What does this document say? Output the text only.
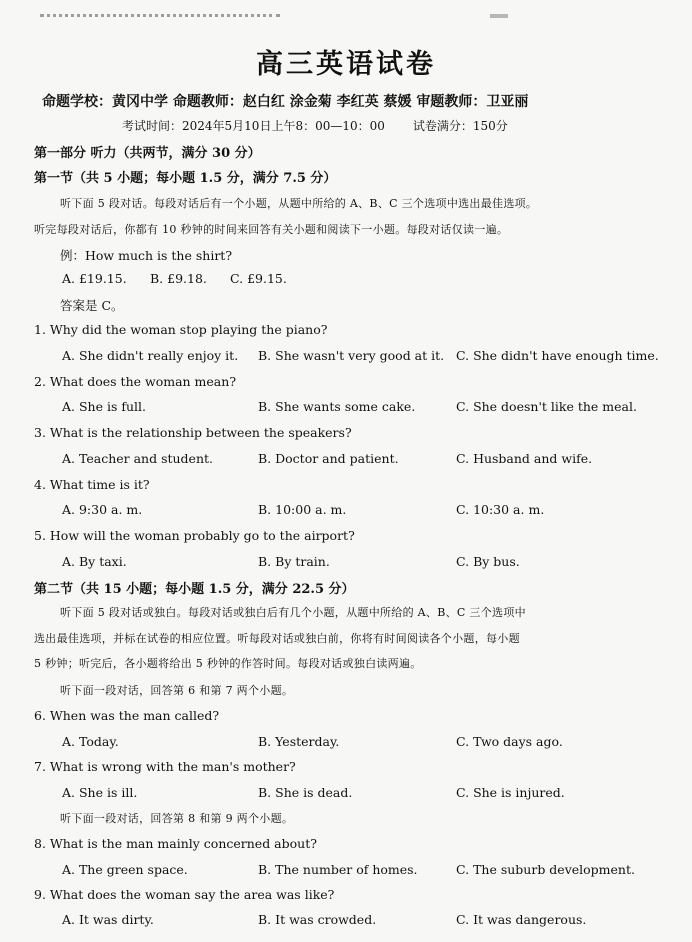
高三英语试卷
命题学校：黄冈中学 命题教师：赵白红 涂金菊 李红英 蔡媛 审题教师：卫亚丽
考试时间：2024年5月10日上午8：00—10：00 试卷满分：150分
第一部分 听力（共两节，满分 30 分）
第一节（共 5 小题；每小题 1.5 分，满分 7.5 分）
听下面 5 段对话。每段对话后有一个小题，从题中所给的 A、B、C 三个选项中选出最佳选项。
听完每段对话后，你都有 10 秒钟的时间来回答有关小题和阅读下一小题。每段对话仅读一遍。
例：How much is the shirt?
A. £19.15. B. £9.18. C. £9.15.
答案是 C。
1. Why did the woman stop playing the piano?
A. She didn't really enjoy it. B. She wasn't very good at it. C. She didn't have enough time.
2. What does the woman mean?
A. She is full.	B. She wants some cake.	C. She doesn't like the meal.
3. What is the relationship between the speakers?
A. Teacher and student.	B. Doctor and patient.	C. Husband and wife.
4. What time is it?
A. 9:30 a. m.	B. 10:00 a. m.	C. 10:30 a. m.
5. How will the woman probably go to the airport?
A. By taxi.	B. By train.	C. By bus.
第二节（共 15 小题；每小题 1.5 分，满分 22.5 分）
听下面 5 段对话或独白。每段对话或独白后有几个小题，从题中所给的 A、B、C 三个选项中
选出最佳选项，并标在试卷的相应位置。听每段对话或独白前，你将有时间阅读各个小题，每小题
5 秒钟；听完后，各小题将给出 5 秒钟的作答时间。每段对话或独白读两遍。
听下面一段对话，回答第 6 和第 7 两个小题。
6. When was the man called?
A. Today.	B. Yesterday.	C. Two days ago.
7. What is wrong with the man's mother?
A. She is ill.	B. She is dead.	C. She is injured.
听下面一段对话，回答第 8 和第 9 两个小题。
8. What is the man mainly concerned about?
A. The green space.	B. The number of homes.	C. The suburb development.
9. What does the woman say the area was like?
A. It was dirty.	B. It was crowded.	C. It was dangerous.
